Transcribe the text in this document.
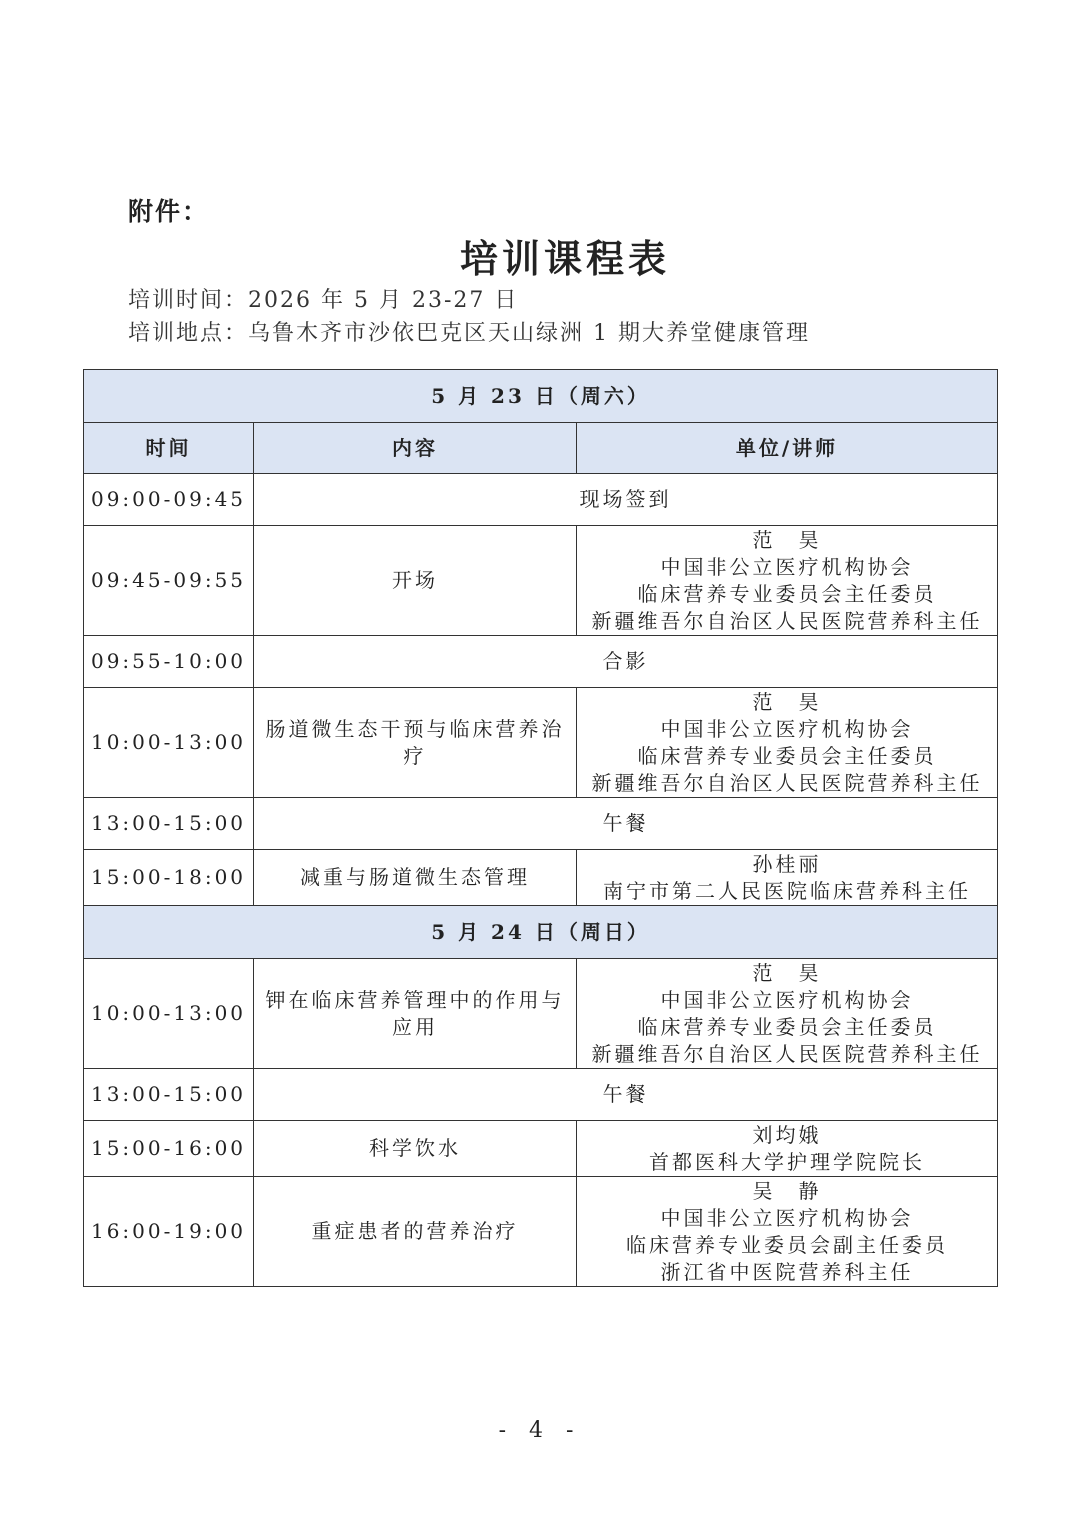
附件：
培训课程表
培训时间：2026 年 5 月 23-27 日
培训地点：乌鲁木齐市沙依巴克区天山绿洲 1 期大养堂健康管理
5 月 23 日（周六）		
时间	内容	单位/讲师
09:00-09:45	现场签到	
09:45-09:55	开场	范　昊
中国非公立医疗机构协会
临床营养专业委员会主任委员
新疆维吾尔自治区人民医院营养科主任

09:55-10:00	合影	
10:00-13:00	肠道微生态干预与临床营养治疗	范　昊
中国非公立医疗机构协会
临床营养专业委员会主任委员
新疆维吾尔自治区人民医院营养科主任

13:00-15:00	午餐	
15:00-18:00	减重与肠道微生态管理	孙桂丽
南宁市第二人民医院临床营养科主任

5 月 24 日（周日）		
10:00-13:00	钾在临床营养管理中的作用与应用	范　昊
中国非公立医疗机构协会
临床营养专业委员会主任委员
新疆维吾尔自治区人民医院营养科主任

13:00-15:00	午餐	
15:00-16:00	科学饮水	刘均娥
首都医科大学护理学院院长

16:00-19:00	重症患者的营养治疗	吴　静
中国非公立医疗机构协会
临床营养专业委员会副主任委员
浙江省中医院营养科主任
- 4 -
